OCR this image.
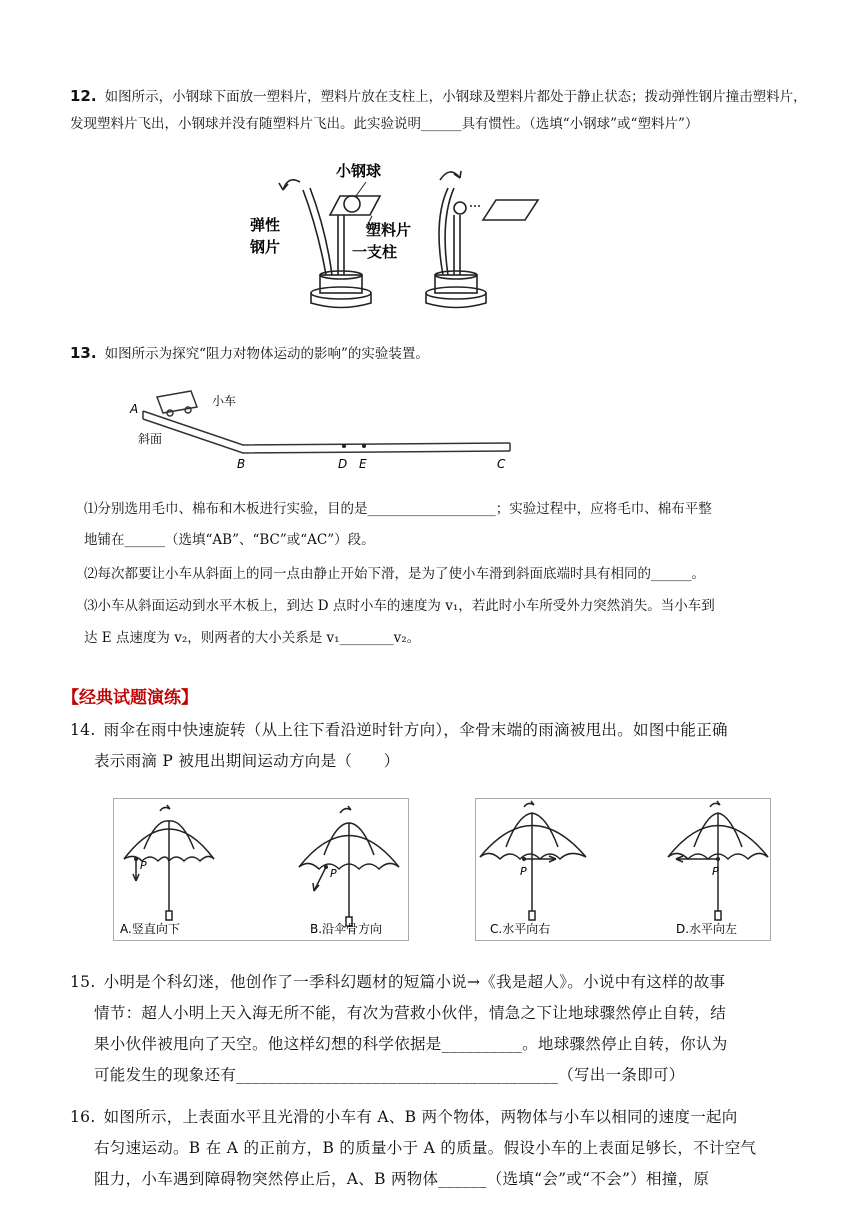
12. 如图所示，小钢球下面放一塑料片，塑料片放在支柱上，小钢球及塑料片都处于静止状态；拨动弹性钢片撞击塑料片，发现塑料片飞出，小钢球并没有随塑料片飞出。此实验说明______具有惯性。（选填“小钢球”或“塑料片”）
小钢球
弹性
钢片
塑料片
一支柱
13. 如图所示为探究“阻力对物体运动的影响”的实验装置。
A
小车
斜面
B	D E	C
⑴分别选用毛巾、棉布和木板进行实验，目的是___________________；实验过程中，应将毛巾、棉布平整
地铺在______（选填“AB”、“BC”或“AC”）段。
⑵每次都要让小车从斜面上的同一点由静止开始下滑，是为了使小车滑到斜面底端时具有相同的______。
⑶小车从斜面运动到水平木板上，到达 D 点时小车的速度为 v₁，若此时小车所受外力突然消失。当小车到
达 E 点速度为 v₂，则两者的大小关系是 v₁________v₂。
【经典试题演练】
14. 雨伞在雨中快速旋转（从上往下看沿逆时针方向），伞骨末端的雨滴被甩出。如图中能正确
表示雨滴 P 被甩出期间运动方向是（　　）
P
P
A.竖直向下	B.沿伞骨方向
P	P
C.水平向右	D.水平向左
15. 小明是个科幻迷，他创作了一季科幻题材的短篇小说→《我是超人》。小说中有这样的故事
情节：超人小明上天入海无所不能，有次为营救小伙伴，情急之下让地球骤然停止自转，结
果小伙伴被甩向了天空。他这样幻想的科学依据是__________。地球骤然停止自转，你认为
可能发生的现象还有________________________________________（写出一条即可）
16. 如图所示，上表面水平且光滑的小车有 A、B 两个物体，两物体与小车以相同的速度一起向
右匀速运动。B 在 A 的正前方，B 的质量小于 A 的质量。假设小车的上表面足够长，不计空气
阻力，小车遇到障碍物突然停止后，A、B 两物体______（选填“会”或“不会”）相撞，原
